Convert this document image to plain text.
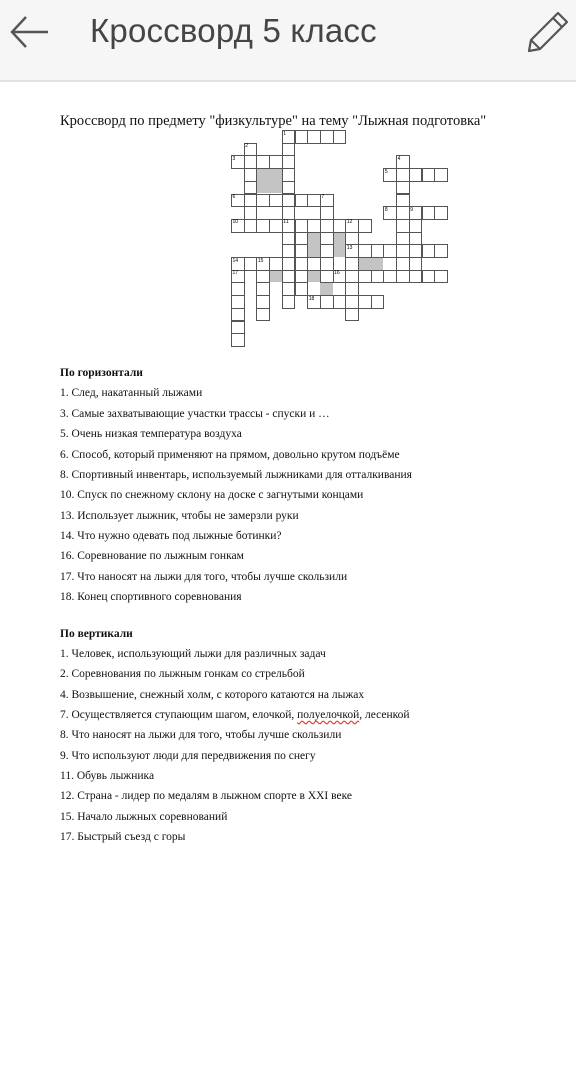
Кроссворд 5 класс
Кроссворд по предмету "физкультуре" на тему "Лыжная подготовка"
1
2
3	4
5
6	7
8	9
10	11	12
13
14	15
16
17
18
По горизонтали
1. След, накатанный лыжами
3. Самые захватывающие участки трассы - спуски и …
5. Очень низкая температура воздуха
6. Способ, который применяют на прямом, довольно крутом подъёме
8. Спортивный инвентарь, используемый лыжниками для отталкивания
10. Спуск по снежному склону на доске с загнутыми концами
13. Использует лыжник, чтобы не замерзли руки
14. Что нужно одевать под лыжные ботинки?
16. Соревнование по лыжным гонкам
17. Что наносят на лыжи для того, чтобы лучше скользили
18. Конец спортивного соревнования
По вертикали
1. Человек, использующий лыжи для различных задач
2. Соревнования по лыжным гонкам со стрельбой
4. Возвышение, снежный холм, с которого катаются на лыжах
7. Осуществляется ступающим шагом, елочкой, полуелочкой, лесенкой
8. Что наносят на лыжи для того, чтобы лучше скользили
9. Что используют люди для передвижения по снегу
11. Обувь лыжника
12. Страна - лидер по медалям в лыжном спорте в XXI веке
15. Начало лыжных соревнований
17. Быстрый съезд с горы
